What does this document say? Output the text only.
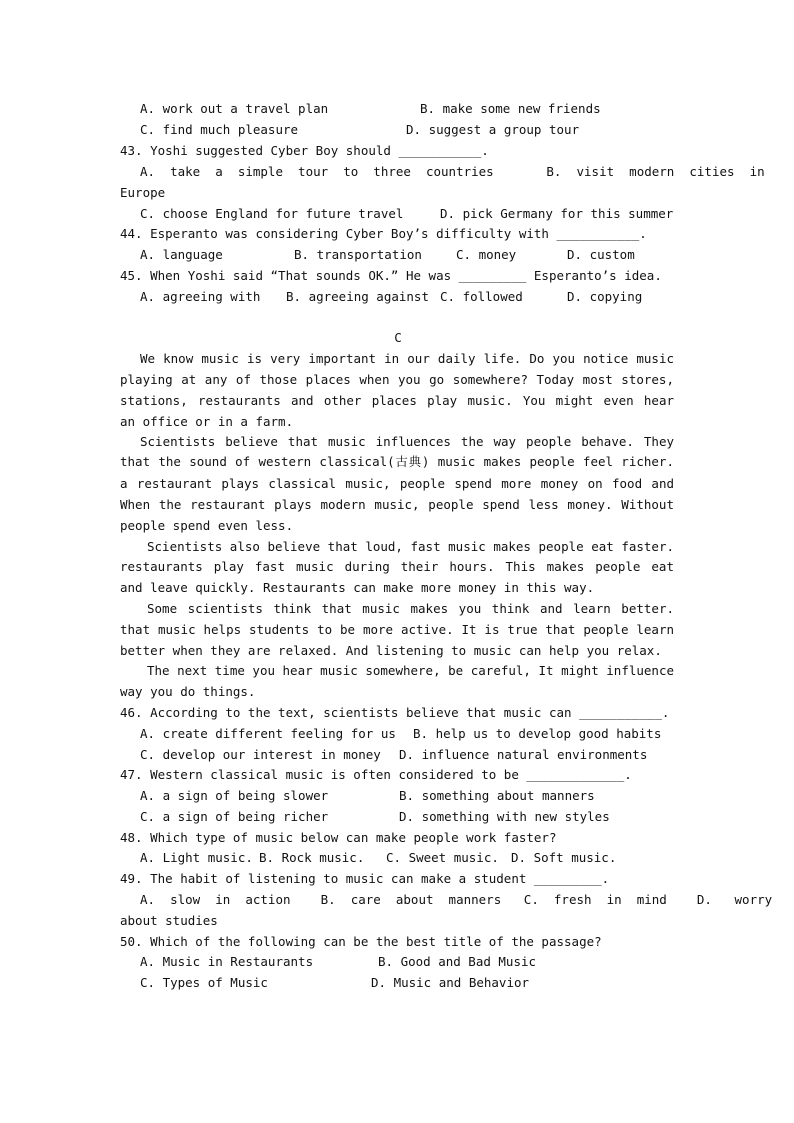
A. work out a travel plan	B. make some new friends
C. find much pleasure	D. suggest a group tour
43. Yoshi suggested Cyber Boy should ___________.
A.  take  a  simple  tour  to  three  countries       B.  visit  modern  cities  in
Europe
C. choose England for future travel	D. pick Germany for this summer
44. Esperanto was considering Cyber Boy’s difficulty with ___________.
A. language	B. transportation	C. money	D. custom
45. When Yoshi said “That sounds OK.” He was _________ Esperanto’s idea.
A. agreeing with B. agreeing against C. followed	D. copying
C
We know music is very important in our daily life. Do you notice music
playing at any of those places when you go somewhere? Today most stores,
stations, restaurants and other places play music. You might even hear
an office or in a farm.
Scientists believe that music influences the way people behave. They
that the sound of western classical(古典) music makes people feel richer.
a restaurant plays classical music, people spend more money on food and
When the restaurant plays modern music, people spend less money. Without
people spend even less.
Scientists also believe that loud, fast music makes people eat faster.
restaurants play fast music during their hours. This makes people eat
and leave quickly. Restaurants can make more money in this way.
Some scientists think that music makes you think and learn better.
that music helps students to be more active. It is true that people learn
better when they are relaxed. And listening to music can help you relax.
The next time you hear music somewhere, be careful, It might influence
way you do things.
46. According to the text, scientists believe that music can ___________.
A. create different feeling for us B. help us to develop good habits
C. develop our interest in money D. influence natural environments
47. Western classical music is often considered to be _____________.
A. a sign of being slower	B. something about manners
C. a sign of being richer	D. something with new styles
48. Which type of music below can make people work faster?
A. Light music. B. Rock music. C. Sweet music. D. Soft music.
49. The habit of listening to music can make a student _________.
A.  slow  in  action    B.  care  about  manners   C.  fresh  in  mind    D.   worry
about studies
50. Which of the following can be the best title of the passage?
A. Music in Restaurants	B. Good and Bad Music
C. Types of Music	D. Music and Behavior
